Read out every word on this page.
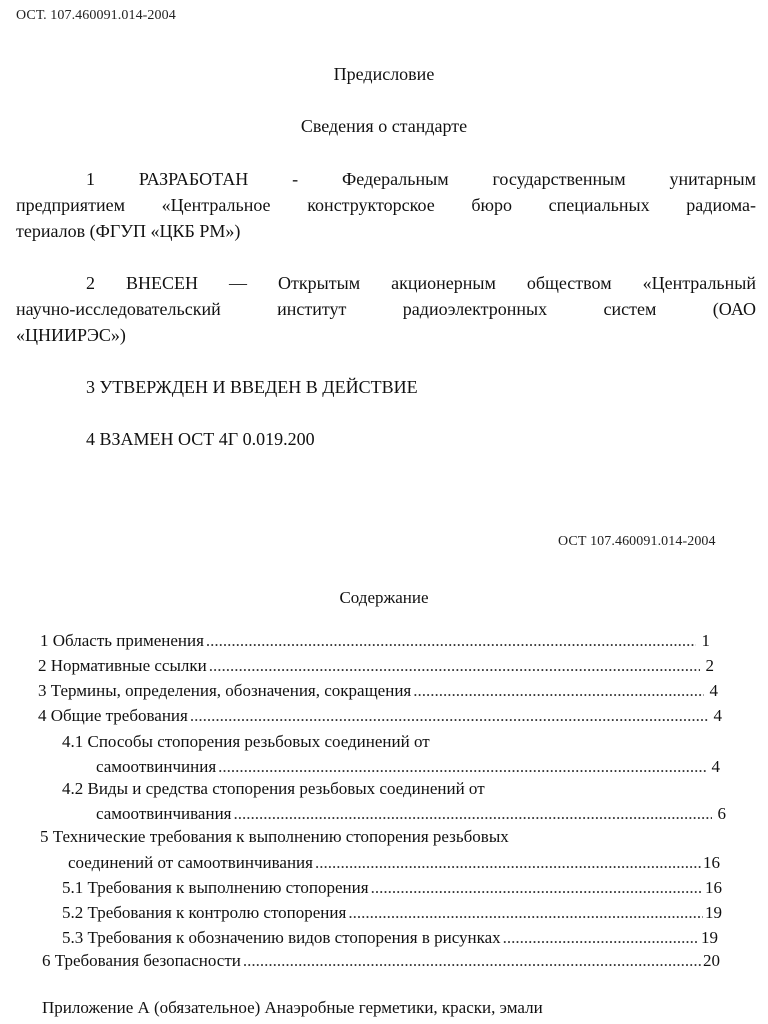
ОСТ. 107.460091.014-2004
Предисловие
Сведения о стандарте
1 РАЗРАБОТАН - Федеральным государственным унитарным
предприятием «Центральное конструкторское бюро специальных радиома-
териалов (ФГУП «ЦКБ РМ»)
2 ВНЕСЕН — Открытым акционерным обществом «Центральный
научно-исследовательский институт радиоэлектронных систем (ОАО
«ЦНИИРЭС»)
3 УТВЕРЖДЕН И ВВЕДЕН В ДЕЙСТВИЕ
4 ВЗАМЕН ОСТ 4Г 0.019.200
ОСТ 107.460091.014-2004
Содержание
1 Область применения .....	1
2 Нормативные ссылки .....	2
3 Термины, определения, обозначения, сокращения .....	4
4 Общие требования .....	4
4.1 Способы стопорения резьбовых соединений от
самоотвинчиния .....	4
4.2 Виды и средства стопорения резьбовых соединений от
самоотвинчивания .....	6
5 Технические требования к выполнению стопорения резьбовых
соединений от самоотвинчивания .....	16
5.1 Требования к выполнению стопорения .....	16
5.2 Требования к контролю стопорения .....	19
5.3 Требования к обозначению видов стопорения в рисунках .....	19
6 Требования безопасности .....	20
Приложение А (обязательное) Анаэробные герметики, краски, эмали
